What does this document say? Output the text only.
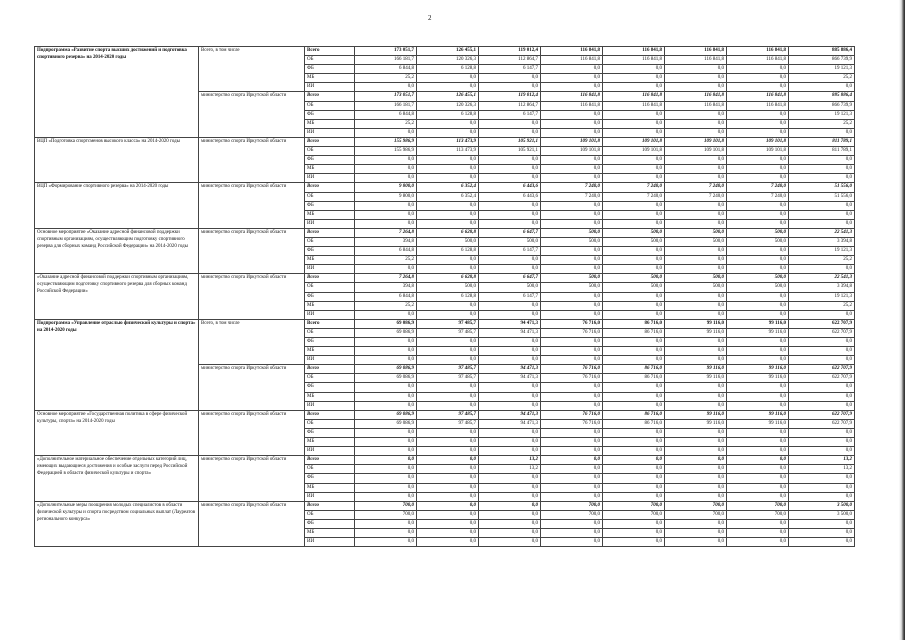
2
Подпрограмма «Развитие спорта высших достижений и подготовка спортивного резерва» на 2014-2020 годы	Всего, в том числе	Всего	173 051,7	126 455,1	119 012,4	116 841,8	116 841,8	116 841,8	116 841,8	885 886,4
		ОБ	166 181,7	120 326,3	112 864,7	116 841,8	116 841,8	116 841,8	116 841,8	866 739,9
		ФБ	6 844,8	6 128,8	6 147,7	0,0	0,0	0,0	0,0	19 121,3
		МБ	25,2	0,0	0,0	0,0	0,0	0,0	0,0	25,2
		ИИ	0,0	0,0	0,0	0,0	0,0	0,0	0,0	0,0
	министерство спорта Иркутской области	Всего	173 051,7	126 455,1	119 012,4	116 841,8	116 841,8	116 841,8	116 841,8	885 886,4
		ОБ	166 181,7	120 326,3	112 864,7	116 841,8	116 841,8	116 841,8	116 841,8	866 739,9
		ФБ	6 844,8	6 128,8	6 147,7	0,0	0,0	0,0	0,0	19 121,3
		МБ	25,2	0,0	0,0	0,0	0,0	0,0	0,0	25,2
		ИИ	0,0	0,0	0,0	0,0	0,0	0,0	0,0	0,0
ВЦП «Подготовка спортсменов высокого класса» на 2014-2020 годы	министерство спорта Иркутской области	Всего	155 986,9	113 473,9	105 921,1	109 101,8	109 101,8	109 101,8	109 101,8	811 789,1
		ОБ	155 986,9	113 473,9	105 921,1	109 101,8	109 101,8	109 101,8	109 101,8	811 789,1
		ФБ	0,0	0,0	0,0	0,0	0,0	0,0	0,0	0,0
		МБ	0,0	0,0	0,0	0,0	0,0	0,0	0,0	0,0
		ИИ	0,0	0,0	0,0	0,0	0,0	0,0	0,0	0,0
ВЦП «Формирование спортивного резерва» на 2014-2020 годы	министерство спорта Иркутской области	Всего	9 800,0	6 352,4	6 443,6	7 240,0	7 240,0	7 240,0	7 240,0	51 556,0
		ОБ	9 800,0	6 352,4	6 443,6	7 240,0	7 240,0	7 240,0	7 240,0	51 556,0
		ФБ	0,0	0,0	0,0	0,0	0,0	0,0	0,0	0,0
		МБ	0,0	0,0	0,0	0,0	0,0	0,0	0,0	0,0
		ИИ	0,0	0,0	0,0	0,0	0,0	0,0	0,0	0,0
Основное мероприятие «Оказание адресной финансовой поддержки спортивным организациям, осуществляющим подготовку спортивного резерва для сборных команд Российской Федерации» на 2014-2020 годы	министерство спорта Иркутской области	Всего	7 264,8	6 628,8	6 647,7	500,0	500,0	500,0	500,0	22 541,3
		ОБ	394,8	500,0	500,0	500,0	500,0	500,0	500,0	3 394,8
		ФБ	6 844,8	6 128,8	6 147,7	0,0	0,0	0,0	0,0	19 121,3
		МБ	25,2	0,0	0,0	0,0	0,0	0,0	0,0	25,2
		ИИ	0,0	0,0	0,0	0,0	0,0	0,0	0,0	0,0
«Оказание адресной финансовой поддержки спортивным организациям, осуществляющим подготовку спортивного резерва для сборных команд Российской Федерации»	министерство спорта Иркутской области	Всего	7 264,8	6 628,8	6 647,7	500,0	500,0	500,0	500,0	22 541,3
		ОБ	394,8	500,0	500,0	500,0	500,0	500,0	500,0	3 394,8
		ФБ	6 844,8	6 128,8	6 147,7	0,0	0,0	0,0	0,0	19 121,3
		МБ	25,2	0,0	0,0	0,0	0,0	0,0	0,0	25,2
		ИИ	0,0	0,0	0,0	0,0	0,0	0,0	0,0	0,0
Подпрограмма «Управление отраслью физической культуры и спорта» на 2014-2020 годы	Всего, в том числе	Всего	69 086,9	97 485,7	94 471,3	76 716,0	86 716,0	99 116,0	99 116,0	622 707,9
		ОБ	69 086,9	97 485,7	94 471,3	76 716,0	86 716,0	99 116,0	99 116,0	622 707,9
		ФБ	0,0	0,0	0,0	0,0	0,0	0,0	0,0	0,0
		МБ	0,0	0,0	0,0	0,0	0,0	0,0	0,0	0,0
		ИИ	0,0	0,0	0,0	0,0	0,0	0,0	0,0	0,0
	министерство спорта Иркутской области	Всего	69 086,9	97 485,7	94 471,3	76 716,0	86 716,0	99 116,0	99 116,0	622 707,9
		ОБ	69 086,9	97 485,7	94 471,3	76 716,0	86 716,0	99 116,0	99 116,0	622 707,9
		ФБ	0,0	0,0	0,0	0,0	0,0	0,0	0,0	0,0
		МБ	0,0	0,0	0,0	0,0	0,0	0,0	0,0	0,0
		ИИ	0,0	0,0	0,0	0,0	0,0	0,0	0,0	0,0
Основное мероприятие «Государственная политика в сфере физической культуры, спорта» на 2014-2020 годы	министерство спорта Иркутской области	Всего	69 086,9	97 485,7	94 471,3	76 716,0	86 716,0	99 116,0	99 116,0	622 707,9
		ОБ	69 086,9	97 485,7	94 471,3	76 716,0	86 716,0	99 116,0	99 116,0	622 707,9
		ФБ	0,0	0,0	0,0	0,0	0,0	0,0	0,0	0,0
		МБ	0,0	0,0	0,0	0,0	0,0	0,0	0,0	0,0
		ИИ	0,0	0,0	0,0	0,0	0,0	0,0	0,0	0,0
«Дополнительное материальное обеспечение отдельных категорий лиц, имеющих выдающиеся достижения и особые заслуги перед Российской Федерацией в области физической культуры и спорта»	министерство спорта Иркутской области	Всего	0,0	0,0	13,2	0,0	0,0	0,0	0,0	13,2
		ОБ	0,0	0,0	13,2	0,0	0,0	0,0	0,0	13,2
		ФБ	0,0	0,0	0,0	0,0	0,0	0,0	0,0	0,0
		МБ	0,0	0,0	0,0	0,0	0,0	0,0	0,0	0,0
		ИИ	0,0	0,0	0,0	0,0	0,0	0,0	0,0	0,0
«Дополнительные меры поощрения молодых специалистов в области физической культуры и спорта посредством социальных выплат (Лауреатов регионального конкурса»	министерство спорта Иркутской области	Всего	700,0	0,0	0,0	700,0	700,0	700,0	700,0	3 500,0
		ОБ	700,0	0,0	0,0	700,0	700,0	700,0	700,0	3 500,0
		ФБ	0,0	0,0	0,0	0,0	0,0	0,0	0,0	0,0
		МБ	0,0	0,0	0,0	0,0	0,0	0,0	0,0	0,0
		ИИ	0,0	0,0	0,0	0,0	0,0	0,0	0,0	0,0
